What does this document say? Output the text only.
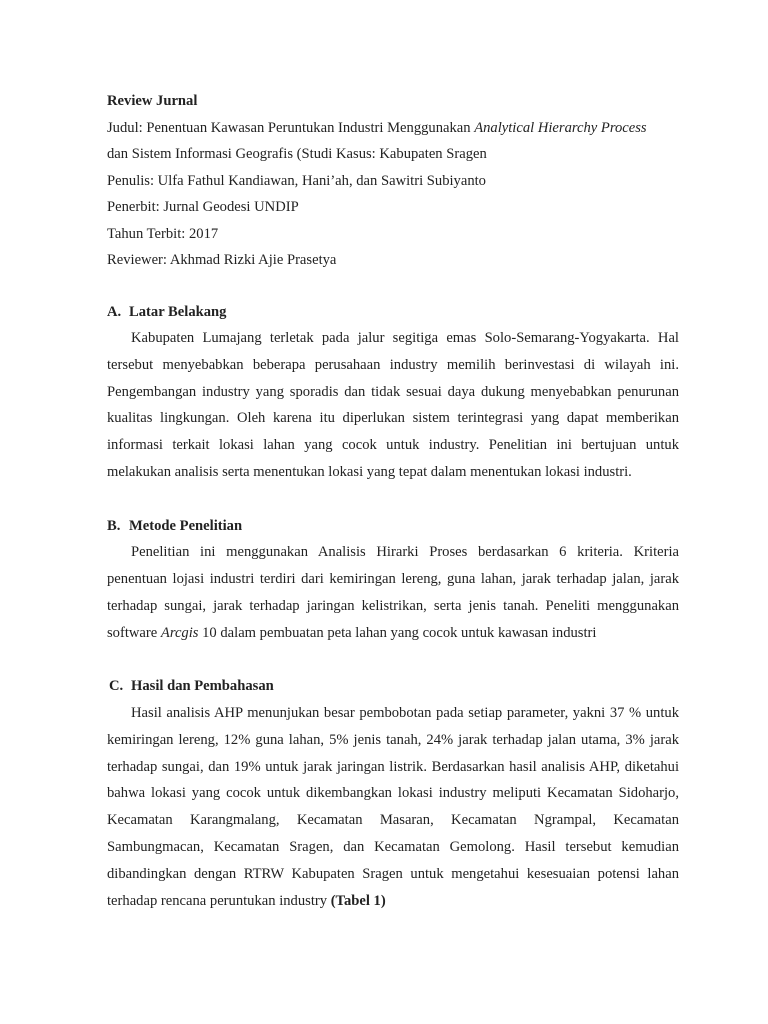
Review Jurnal
Judul: Penentuan Kawasan Peruntukan Industri Menggunakan Analytical Hierarchy Process
dan Sistem Informasi Geografis (Studi Kasus: Kabupaten Sragen
Penulis: Ulfa Fathul Kandiawan, Hani’ah, dan Sawitri Subiyanto
Penerbit: Jurnal Geodesi UNDIP
Tahun Terbit: 2017
Reviewer: Akhmad Rizki Ajie Prasetya
A. Latar Belakang

Kabupaten Lumajang terletak pada jalur segitiga emas Solo-Semarang-Yogyakarta. Hal tersebut menyebabkan beberapa perusahaan industry memilih berinvestasi di wilayah ini. Pengembangan industry yang sporadis dan tidak sesuai daya dukung menyebabkan penurunan kualitas lingkungan. Oleh karena itu diperlukan sistem terintegrasi yang dapat memberikan informasi terkait lokasi lahan yang cocok untuk industry. Penelitian ini bertujuan untuk melakukan analisis serta menentukan lokasi yang tepat dalam menentukan lokasi industri.

B. Metode Penelitian

Penelitian ini menggunakan Analisis Hirarki Proses berdasarkan 6 kriteria. Kriteria penentuan lojasi industri terdiri dari kemiringan lereng, guna lahan, jarak terhadap jalan, jarak terhadap sungai, jarak terhadap jaringan kelistrikan, serta jenis tanah. Peneliti menggunakan software Arcgis 10 dalam pembuatan peta lahan yang cocok untuk kawasan industri

C. Hasil dan Pembahasan

Hasil analisis AHP menunjukan besar pembobotan pada setiap parameter, yakni 37 % untuk kemiringan lereng, 12% guna lahan, 5% jenis tanah, 24% jarak terhadap jalan utama, 3% jarak terhadap sungai, dan 19% untuk jarak jaringan listrik. Berdasarkan hasil analisis AHP, diketahui bahwa lokasi yang cocok untuk dikembangkan lokasi industry meliputi Kecamatan Sidoharjo, Kecamatan Karangmalang, Kecamatan Masaran, Kecamatan Ngrampal, Kecamatan Sambungmacan, Kecamatan Sragen, dan Kecamatan Gemolong. Hasil tersebut kemudian dibandingkan dengan RTRW Kabupaten Sragen untuk mengetahui kesesuaian potensi lahan terhadap rencana peruntukan industry (Tabel 1)
